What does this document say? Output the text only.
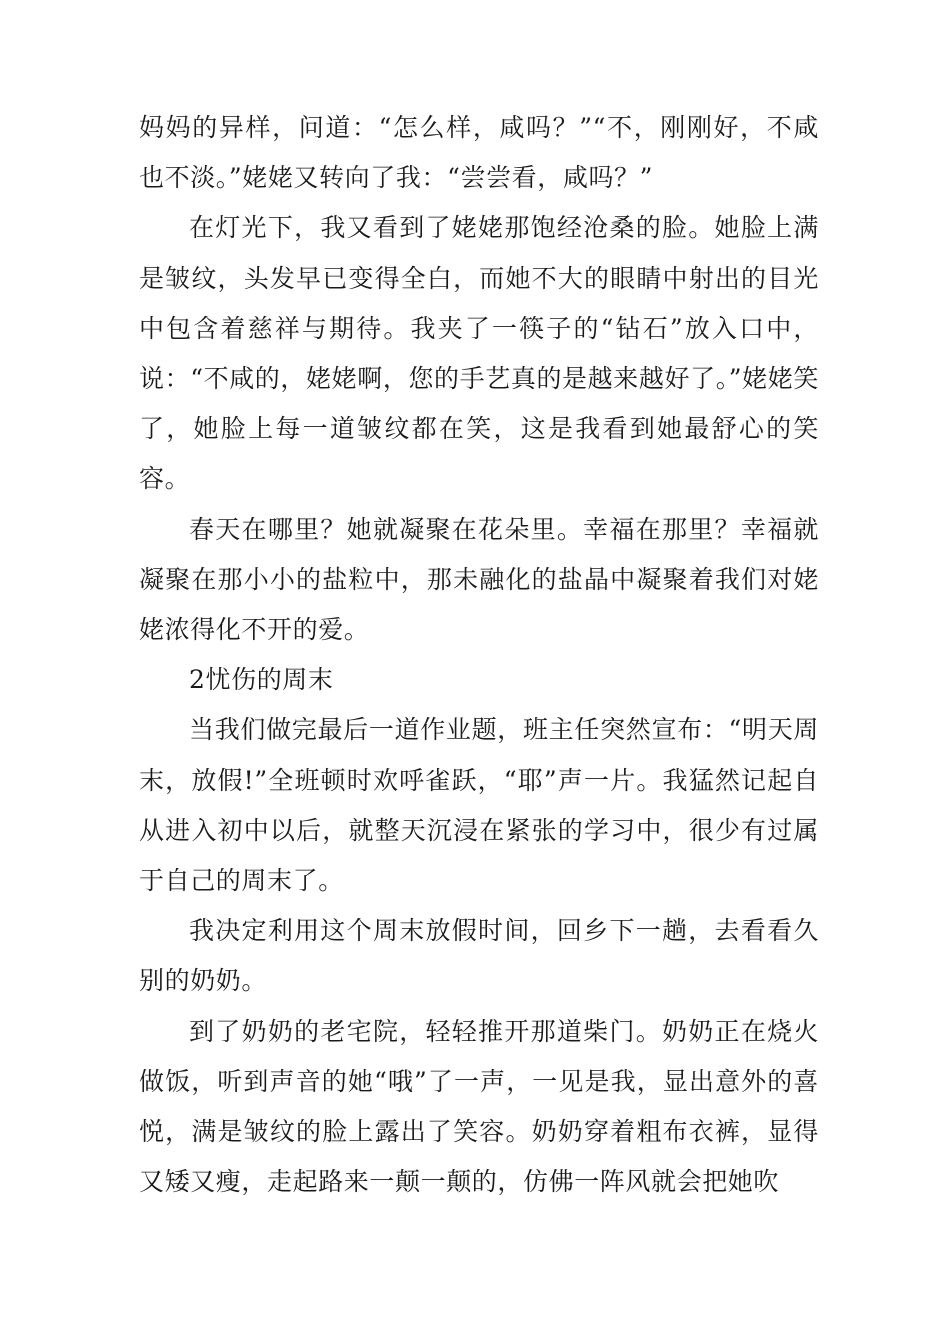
妈妈的异样，问道：“怎么样，咸吗？”“不，刚刚好，不咸也不淡。”姥姥又转向了我：“尝尝看，咸吗？”

在灯光下，我又看到了姥姥那饱经沧桑的脸。她脸上满是皱纹，头发早已变得全白，而她不大的眼睛中射出的目光中包含着慈祥与期待。我夹了一筷子的“钻石”放入口中，说：“不咸的，姥姥啊，您的手艺真的是越来越好了。”姥姥笑了，她脸上每一道皱纹都在笑，这是我看到她最舒心的笑容。

春天在哪里？她就凝聚在花朵里。幸福在那里？幸福就凝聚在那小小的盐粒中，那未融化的盐晶中凝聚着我们对姥姥浓得化不开的爱。

2忧伤的周末

当我们做完最后一道作业题，班主任突然宣布：“明天周末，放假!”全班顿时欢呼雀跃，“耶”声一片。我猛然记起自从进入初中以后，就整天沉浸在紧张的学习中，很少有过属于自己的周末了。

我决定利用这个周末放假时间，回乡下一趟，去看看久别的奶奶。

到了奶奶的老宅院，轻轻推开那道柴门。奶奶正在烧火做饭，听到声音的她“哦”了一声，一见是我，显出意外的喜悦，满是皱纹的脸上露出了笑容。奶奶穿着粗布衣裤，显得又矮又瘦，走起路来一颠一颠的，仿佛一阵风就会把她吹
